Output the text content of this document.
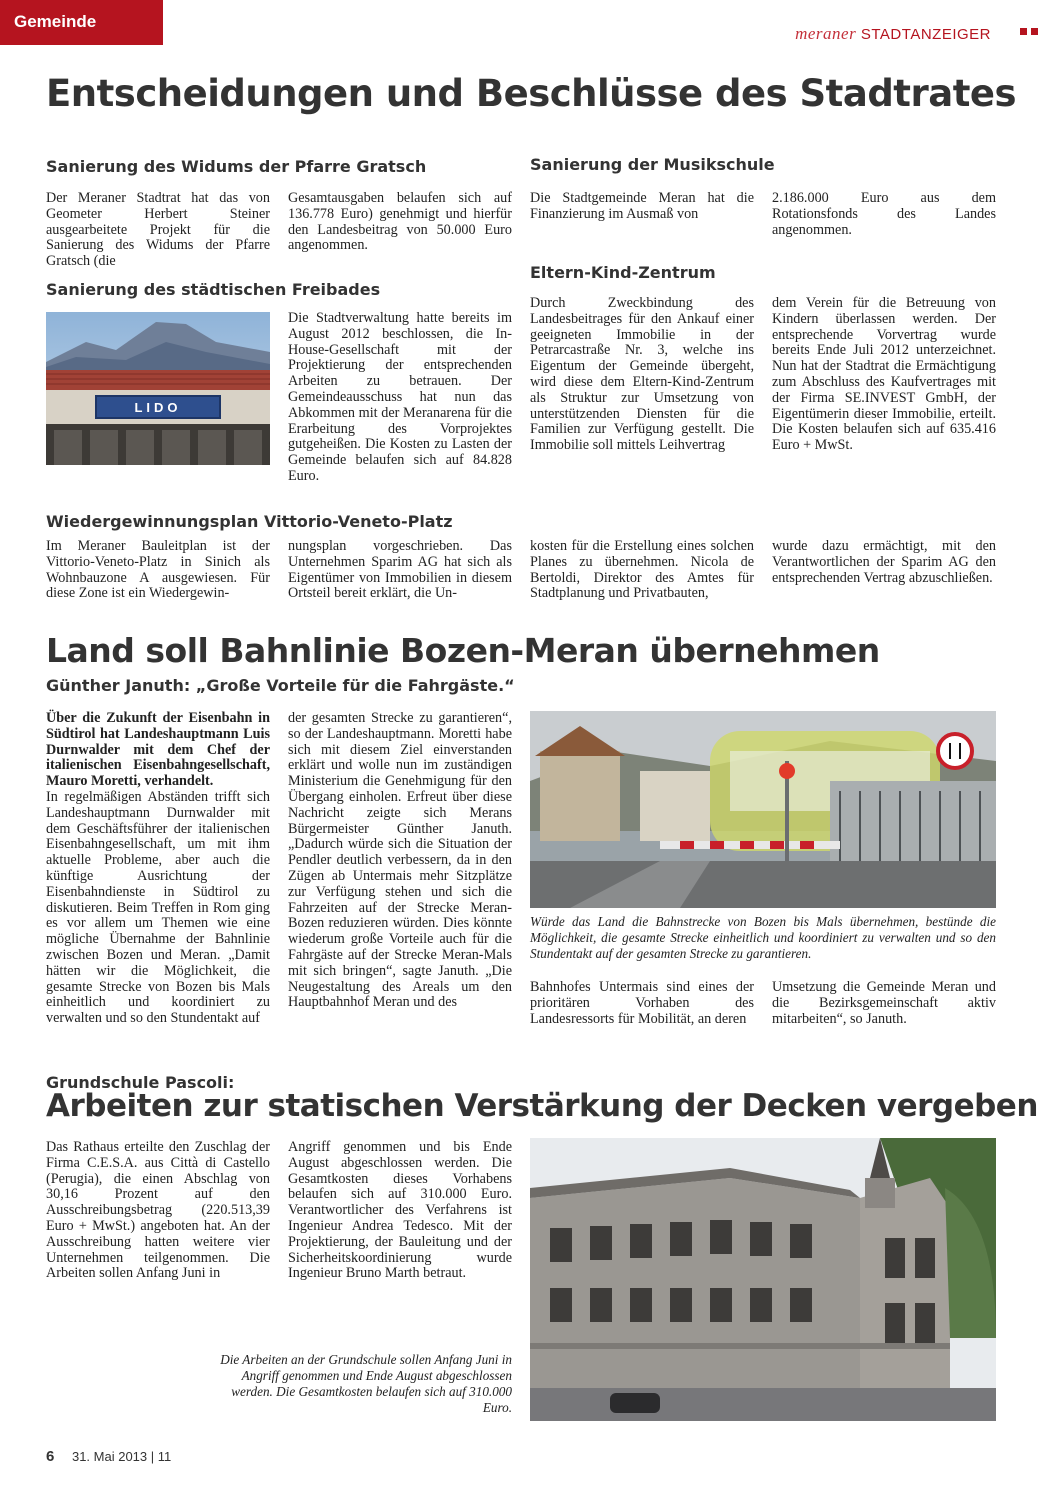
Gemeinde
meraner STADTANZEIGER
Entscheidungen und Beschlüsse des Stadtrates
Sanierung des Widums der Pfarre Gratsch

Der Meraner Stadtrat hat das von Geometer Herbert Steiner ausgearbeitete Projekt für die Sanierung des Widums der Pfarre Gratsch (die

Gesamtausgaben belaufen sich auf 136.778 Euro) genehmigt und hierfür den Landesbeitrag von 50.000 Euro angenommen.

Sanierung des städtischen Freibades
LIDO

Die Stadtverwaltung hatte bereits im August 2012 beschlossen, die In-House-Gesellschaft mit der Projektierung der entsprechenden Arbeiten zu betrauen. Der Gemeindeausschuss hat nun das Abkommen mit der Meranarena für die Erarbeitung des Vorprojektes gutgeheißen. Die Kosten zu Lasten der Gemeinde belaufen sich auf 84.828 Euro.

Sanierung der Musikschule

Die Stadtgemeinde Meran hat die Finanzierung im Ausmaß von

2.186.000 Euro aus dem Rotationsfonds des Landes angenommen.

Eltern-Kind-Zentrum

Durch Zweckbindung des Landesbeitrages für den Ankauf einer geeigneten Immobilie in der Petrarcastraße Nr. 3, welche ins Eigentum der Gemeinde übergeht, wird diese dem Eltern-Kind-Zentrum als Struktur zur Umsetzung von unterstützenden Diensten für die Familien zur Verfügung gestellt. Die Immobilie soll mittels Leihvertrag

dem Verein für die Betreuung von Kindern überlassen werden. Der entsprechende Vorvertrag wurde bereits Ende Juli 2012 unterzeichnet. Nun hat der Stadtrat die Ermächtigung zum Abschluss des Kaufvertrages mit der Firma SE.INVEST GmbH, der Eigentümerin dieser Immobilie, erteilt. Die Kosten belaufen sich auf 635.416 Euro + MwSt.

Wiedergewinnungsplan Vittorio-Veneto-Platz

Im Meraner Bauleitplan ist der Vittorio-Veneto-Platz in Sinich als Wohnbauzone A ausgewiesen. Für diese Zone ist ein Wiedergewin-

nungsplan vorgeschrieben. Das Unternehmen Sparim AG hat sich als Eigentümer von Immobilien in diesem Ortsteil bereit erklärt, die Un-

kosten für die Erstellung eines solchen Planes zu übernehmen. Nicola de Bertoldi, Direktor des Amtes für Stadtplanung und Privatbauten,

wurde dazu ermächtigt, mit den Verantwortlichen der Sparim AG den entsprechenden Vertrag abzuschließen.

Land soll Bahnlinie Bozen-Meran übernehmen
Günther Januth: „Große Vorteile für die Fahrgäste.“

Über die Zukunft der Eisenbahn in Südtirol hat Landeshauptmann Luis Durnwalder mit dem Chef der italienischen Eisenbahngesellschaft, Mauro Moretti, verhandelt.

In regelmäßigen Abständen trifft sich Landeshauptmann Durnwalder mit dem Geschäftsführer der italienischen Eisenbahngesellschaft, um mit ihm aktuelle Probleme, aber auch die künftige Ausrichtung der Eisenbahndienste in Südtirol zu diskutieren. Beim Treffen in Rom ging es vor allem um Themen wie eine mögliche Übernahme der Bahnlinie zwischen Bozen und Meran. „Damit hätten wir die Möglichkeit, die gesamte Strecke von Bozen bis Mals einheitlich und koordiniert zu verwalten und so den Stundentakt auf

der gesamten Strecke zu garantieren“, so der Landeshauptmann. Moretti habe sich mit diesem Ziel einverstanden erklärt und wolle nun im zuständigen Ministerium die Genehmigung für den Übergang einholen. Erfreut über diese Nachricht zeigte sich Merans Bürgermeister Günther Januth. „Dadurch würde sich die Situation der Pendler deutlich verbessern, da in den Zügen ab Untermais mehr Sitzplätze zur Verfügung stehen und sich die Fahrzeiten auf der Strecke Meran-Bozen reduzieren würden. Dies könnte wiederum große Vorteile auch für die Fahrgäste auf der Strecke Meran-Mals mit sich bringen“, sagte Januth. „Die Neugestaltung des Areals um den Hauptbahnhof Meran und des

Würde das Land die Bahnstrecke von Bozen bis Mals übernehmen, bestünde die Möglichkeit, die gesamte Strecke einheitlich und koordiniert zu verwalten und so den Stundentakt auf der gesamten Strecke zu garantieren.

Bahnhofes Untermais sind eines der prioritären Vorhaben des Landesressorts für Mobilität, an deren

Umsetzung die Gemeinde Meran und die Bezirksgemeinschaft aktiv mitarbeiten“, so Januth.

Grundschule Pascoli:
Arbeiten zur statischen Verstärkung der Decken vergeben

Das Rathaus erteilte den Zuschlag der Firma C.E.S.A. aus Città di Castello (Perugia), die einen Abschlag von 30,16 Prozent auf den Ausschreibungsbetrag (220.513,39 Euro + MwSt.) angeboten hat. An der Ausschreibung hatten weitere vier Unternehmen teilgenommen. Die Arbeiten sollen Anfang Juni in

Angriff genommen und bis Ende August abgeschlossen werden. Die Gesamtkosten dieses Vorhabens belaufen sich auf 310.000 Euro. Verantwortlicher des Verfahrens ist Ingenieur Andrea Tedesco. Mit der Projektierung, der Bauleitung und der Sicherheitskoordinierung wurde Ingenieur Bruno Marth betraut.

Die Arbeiten an der Grundschule sollen Anfang Juni in Angriff genommen und Ende August abgeschlossen werden. Die Gesamtkosten belaufen sich auf 310.000 Euro.
6 31. Mai 2013 | 11
